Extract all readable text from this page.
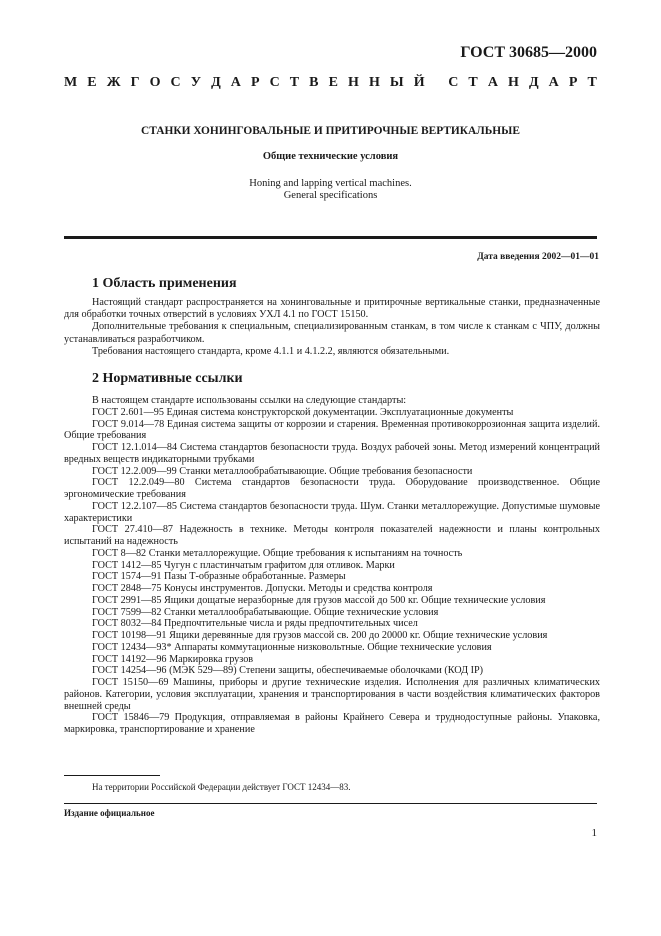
ГОСТ 30685—2000
М Е Ж Г О С У Д А Р С Т В Е Н Н Ы Й
С Т А Н Д А Р Т
СТАНКИ ХОНИНГОВАЛЬНЫЕ И ПРИТИРОЧНЫЕ ВЕРТИКАЛЬНЫЕ
Общие технические условия
Honing and lapping vertical machines.
General specifications
Дата введения 2002—01—01
1 Область применения

Настоящий стандарт распространяется на хонинговальные и притирочные вертикальные станки, предназначенные для обработки точных отверстий в условиях УХЛ 4.1 по ГОСТ 15150.

Дополнительные требования к специальным, специализированным станкам, в том числе к станкам с ЧПУ, должны устанавливаться разработчиком.

Требования настоящего стандарта, кроме 4.1.1 и 4.1.2.2, являются обязательными.

2 Нормативные ссылки

В настоящем стандарте использованы ссылки на следующие стандарты:

ГОСТ 2.601—95 Единая система конструкторской документации. Эксплуатационные документы

ГОСТ 9.014—78 Единая система защиты от коррозии и старения. Временная противокоррозионная защита изделий. Общие требования

ГОСТ 12.1.014—84 Система стандартов безопасности труда. Воздух рабочей зоны. Метод измерений концентраций вредных веществ индикаторными трубками

ГОСТ 12.2.009—99 Станки металлообрабатывающие. Общие требования безопасности

ГОСТ 12.2.049—80 Система стандартов безопасности труда. Оборудование производственное. Общие эргономические требования

ГОСТ 12.2.107—85 Система стандартов безопасности труда. Шум. Станки металлорежущие. Допустимые шумовые характеристики

ГОСТ 27.410—87 Надежность в технике. Методы контроля показателей надежности и планы контрольных испытаний на надежность

ГОСТ 8—82 Станки металлорежущие. Общие требования к испытаниям на точность

ГОСТ 1412—85 Чугун с пластинчатым графитом для отливок. Марки

ГОСТ 1574—91 Пазы Т-образные обработанные. Размеры

ГОСТ 2848—75 Конусы инструментов. Допуски. Методы и средства контроля

ГОСТ 2991—85 Ящики дощатые неразборные для грузов массой до 500 кг. Общие технические условия

ГОСТ 7599—82 Станки металлообрабатывающие. Общие технические условия

ГОСТ 8032—84 Предпочтительные числа и ряды предпочтительных чисел

ГОСТ 10198—91 Ящики деревянные для грузов массой св. 200 до 20000 кг. Общие технические условия

ГОСТ 12434—93* Аппараты коммутационные низковольтные. Общие технические условия

ГОСТ 14192—96 Маркировка грузов

ГОСТ 14254—96 (МЭК 529—89) Степени защиты, обеспечиваемые оболочками (КОД IP)

ГОСТ 15150—69 Машины, приборы и другие технические изделия. Исполнения для различных климатических районов. Категории, условия эксплуатации, хранения и транспортирования в части воздействия климатических факторов внешней среды

ГОСТ 15846—79 Продукция, отправляемая в районы Крайнего Севера и труднодоступные районы. Упаковка, маркировка, транспортирование и хранение

На территории Российской Федерации действует ГОСТ 12434—83.
Издание официальное
1
